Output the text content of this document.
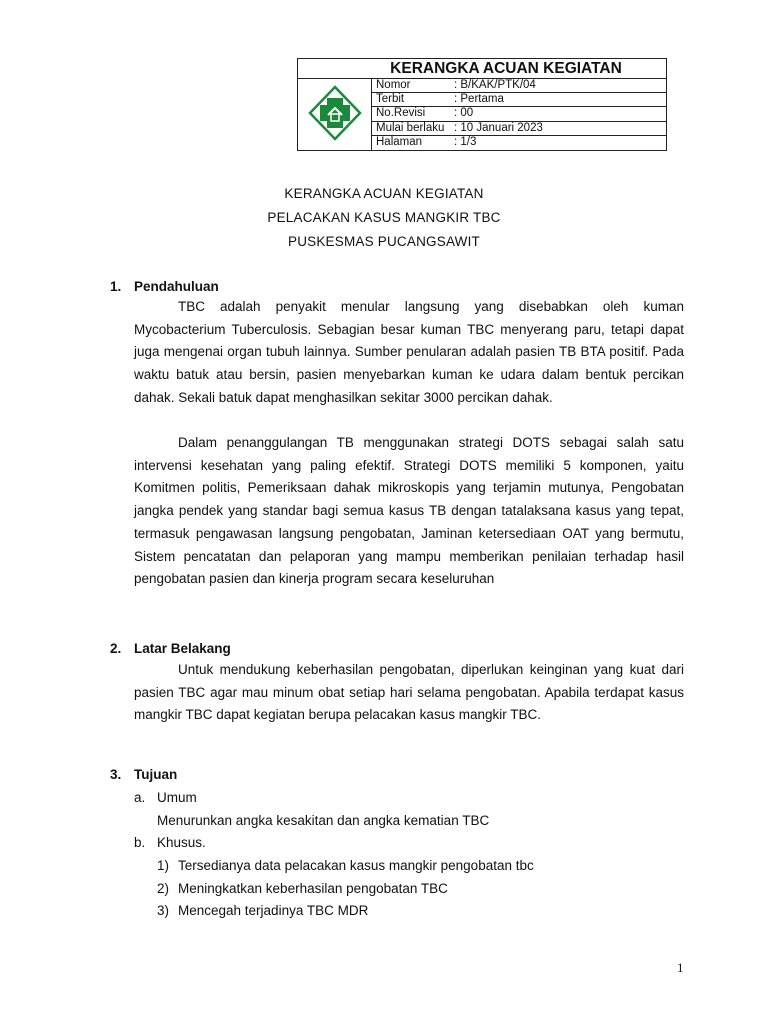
KERANGKA ACUAN KEGIATAN
Nomor	: B/KAK/PTK/04
Terbit	: Pertama
No.Revisi	: 00
Mulai berlaku : 10 Januari 2023
Halaman	: 1/3
KERANGKA ACUAN KEGIATAN
PELACAKAN KASUS MANGKIR TBC
PUSKESMAS PUCANGSAWIT
1. Pendahuluan
TBC adalah penyakit menular langsung yang disebabkan oleh kuman Mycobacterium Tuberculosis. Sebagian besar kuman TBC menyerang paru, tetapi dapat juga mengenai organ tubuh lainnya. Sumber penularan adalah pasien TB BTA positif. Pada waktu batuk atau bersin, pasien menyebarkan kuman ke udara dalam bentuk percikan dahak. Sekali batuk dapat menghasilkan sekitar 3000 percikan dahak.
Dalam penanggulangan TB menggunakan strategi DOTS sebagai salah satu intervensi kesehatan yang paling efektif. Strategi DOTS memiliki 5 komponen, yaitu Komitmen politis, Pemeriksaan dahak mikroskopis yang terjamin mutunya, Pengobatan jangka pendek yang standar bagi semua kasus TB dengan tatalaksana kasus yang tepat, termasuk pengawasan langsung pengobatan, Jaminan ketersediaan OAT yang bermutu, Sistem pencatatan dan pelaporan yang mampu memberikan penilaian terhadap hasil pengobatan pasien dan kinerja program secara keseluruhan
2. Latar Belakang
Untuk mendukung keberhasilan pengobatan, diperlukan keinginan yang kuat dari pasien TBC agar mau minum obat setiap hari selama pengobatan. Apabila terdapat kasus mangkir TBC dapat kegiatan berupa pelacakan kasus mangkir TBC.
3. Tujuan
a. Umum
Menurunkan angka kesakitan dan angka kematian TBC
b. Khusus.
1) Tersedianya data pelacakan kasus mangkir pengobatan tbc
2) Meningkatkan keberhasilan pengobatan TBC
3) Mencegah terjadinya TBC MDR
1
